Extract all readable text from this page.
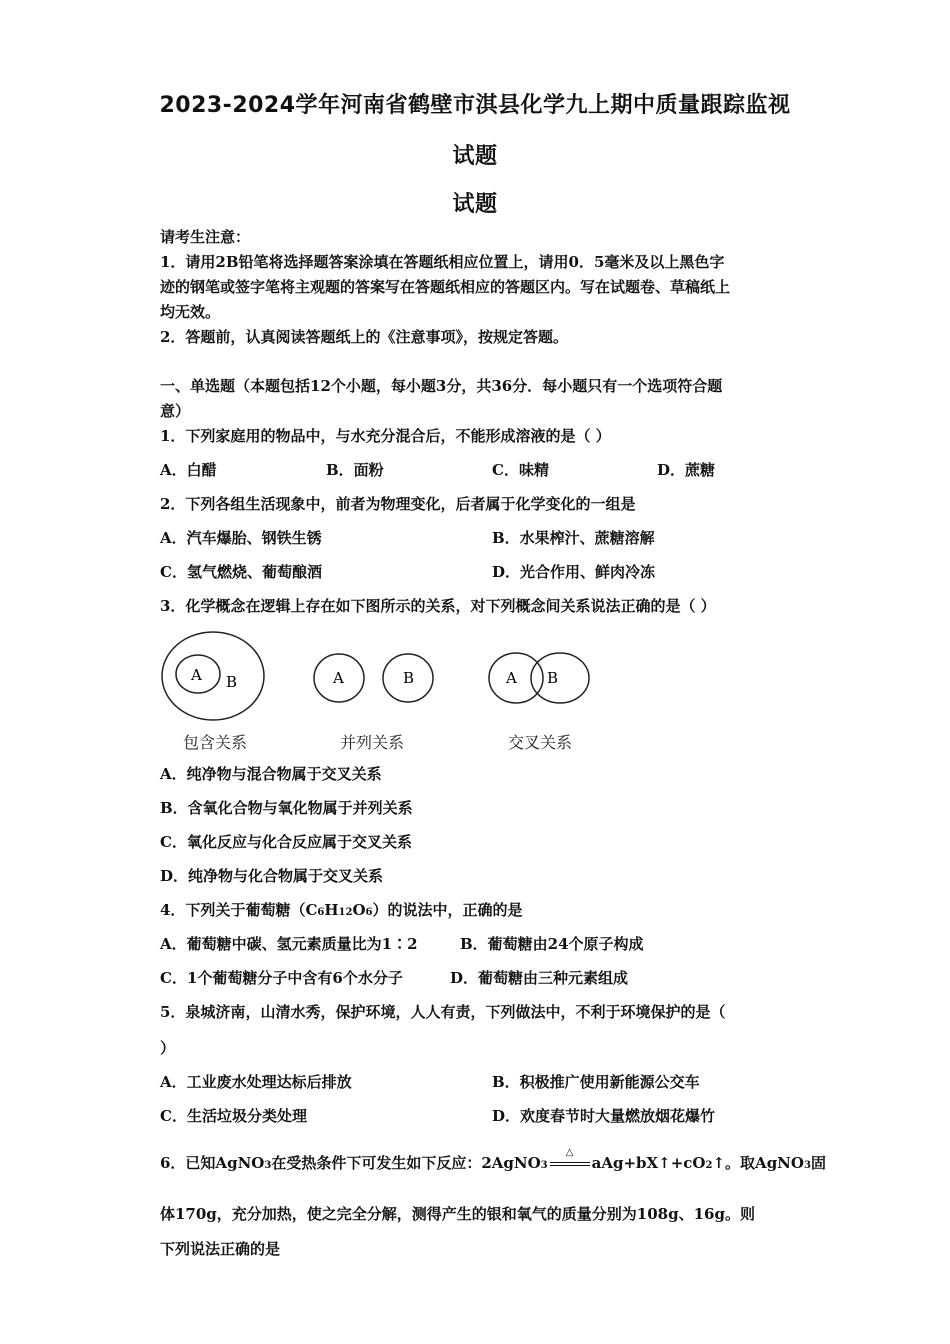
2023-2024学年河南省鹤壁市淇县化学九上期中质量跟踪监视
试题
试题
请考生注意：
1．请用2B铅笔将选择题答案涂填在答题纸相应位置上，请用0．5毫米及以上黑色字
迹的钢笔或签字笔将主观题的答案写在答题纸相应的答题区内。写在试题卷、草稿纸上
均无效。
2．答题前，认真阅读答题纸上的《注意事项》，按规定答题。
一、单选题（本题包括12个小题，每小题3分，共36分．每小题只有一个选项符合题
意）
1．下列家庭用的物品中，与水充分混合后，不能形成溶液的是（ ）
A．白醋	B．面粉	C．味精	D．蔗糖
2．下列各组生活现象中，前者为物理变化，后者属于化学变化的一组是
A．汽车爆胎、钢铁生锈	B．水果榨汁、蔗糖溶解
C．氢气燃烧、葡萄酿酒	D．光合作用、鲜肉冷冻
3．化学概念在逻辑上存在如下图所示的关系，对下列概念间关系说法正确的是（ ）
A B	A	B	A B
包含关系	并列关系	交叉关系
A．纯净物与混合物属于交叉关系
B．含氧化合物与氧化物属于并列关系
C．氧化反应与化合反应属于交叉关系
D．纯净物与化合物属于交叉关系
4．下列关于葡萄糖（C6H12O6）的说法中，正确的是
A．葡萄糖中碳、氢元素质量比为1∶2	B．葡萄糖由24个原子构成
C．1个葡萄糖分子中含有6个水分子	D．葡萄糖由三种元素组成
5．泉城济南，山清水秀，保护环境，人人有责，下列做法中，不利于环境保护的是（
）
A．工业废水处理达标后排放	B．积极推广使用新能源公交车
C．生活垃圾分类处理	D．欢度春节时大量燃放烟花爆竹
6．已知AgNO3在受热条件下可发生如下反应：2AgNO3
△
aAg+bX↑+cO2↑。取AgNO3固
体170g，充分加热，使之完全分解，测得产生的银和氧气的质量分别为108g、16g。则
下列说法正确的是
